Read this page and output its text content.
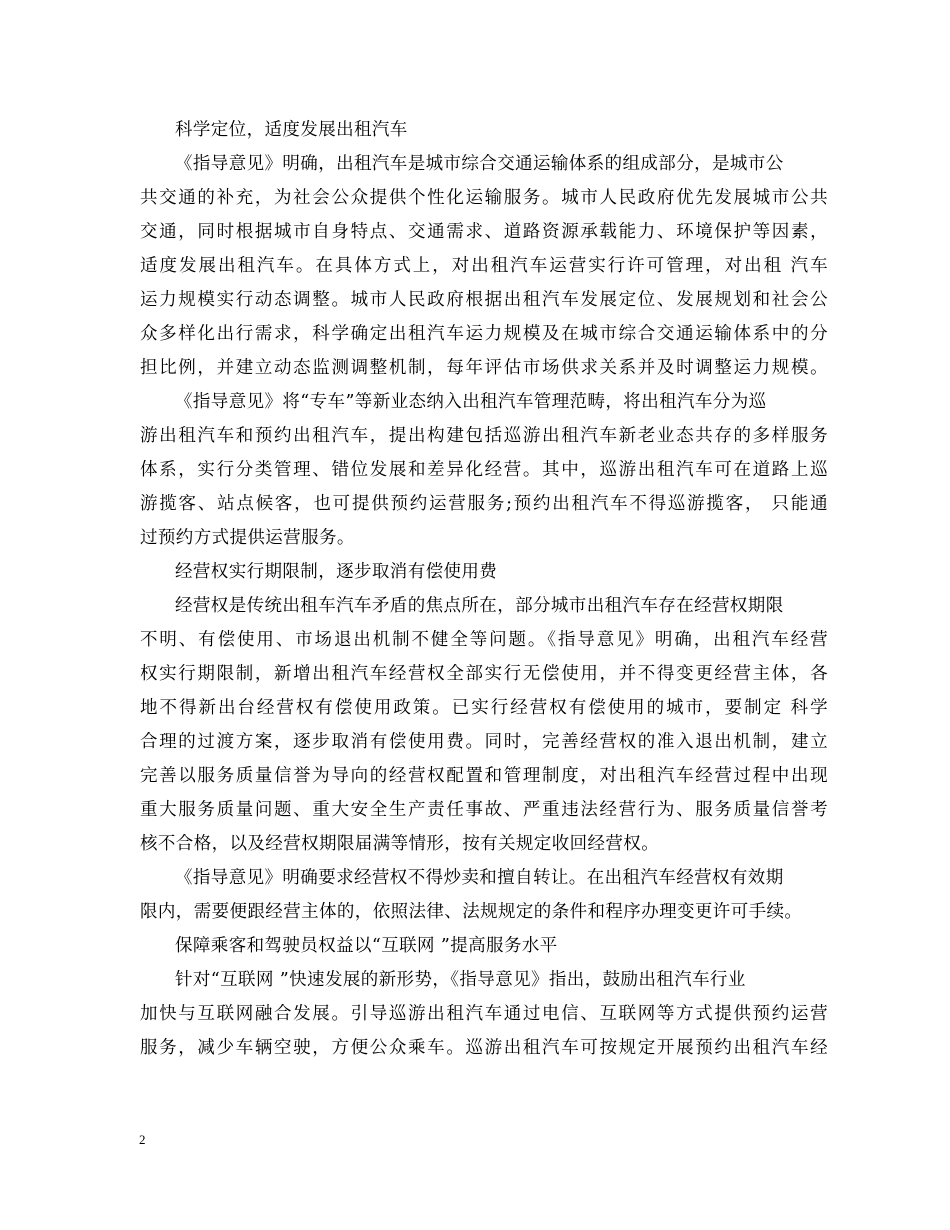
科学定位，适度发展出租汽车
《指导意见》明确，出租汽车是城市综合交通运输体系的组成部分，是城市公
共交通的补充，为社会公众提供个性化运输服务。城市人民政府优先发展城市公共
交通，同时根据城市自身特点、交通需求、道路资源承载能力、环境保护等因素，
适度发展出租汽车。在具体方式上，对出租汽车运营实行许可管理，对出租 汽车
运力规模实行动态调整。城市人民政府根据出租汽车发展定位、发展规划和社会公
众多样化出行需求，科学确定出租汽车运力规模及在城市综合交通运输体系中的分
担比例，并建立动态监测调整机制，每年评估市场供求关系并及时调整运力规模。
《指导意见》将“专车”等新业态纳入出租汽车管理范畴，将出租汽车分为巡
游出租汽车和预约出租汽车，提出构建包括巡游出租汽车新老业态共存的多样服务
体系，实行分类管理、错位发展和差异化经营。其中，巡游出租汽车可在道路上巡
游揽客、站点候客，也可提供预约运营服务;预约出租汽车不得巡游揽客， 只能通
过预约方式提供运营服务。
经营权实行期限制，逐步取消有偿使用费
经营权是传统出租车汽车矛盾的焦点所在，部分城市出租汽车存在经营权期限
不明、有偿使用、市场退出机制不健全等问题。《指导意见》明确，出租汽车经营
权实行期限制，新增出租汽车经营权全部实行无偿使用，并不得变更经营主体，各
地不得新出台经营权有偿使用政策。已实行经营权有偿使用的城市，要制定 科学
合理的过渡方案，逐步取消有偿使用费。同时，完善经营权的准入退出机制，建立
完善以服务质量信誉为导向的经营权配置和管理制度，对出租汽车经营过程中出现
重大服务质量问题、重大安全生产责任事故、严重违法经营行为、服务质量信誉考
核不合格，以及经营权期限届满等情形，按有关规定收回经营权。
《指导意见》明确要求经营权不得炒卖和擅自转让。在出租汽车经营权有效期
限内，需要便跟经营主体的，依照法律、法规规定的条件和程序办理变更许可手续。
保障乘客和驾驶员权益以“互联网 ”提高服务水平
针对“互联网 ”快速发展的新形势，《指导意见》指出，鼓励出租汽车行业
加快与互联网融合发展。引导巡游出租汽车通过电信、互联网等方式提供预约运营
服务，减少车辆空驶，方便公众乘车。巡游出租汽车可按规定开展预约出租汽车经
2
